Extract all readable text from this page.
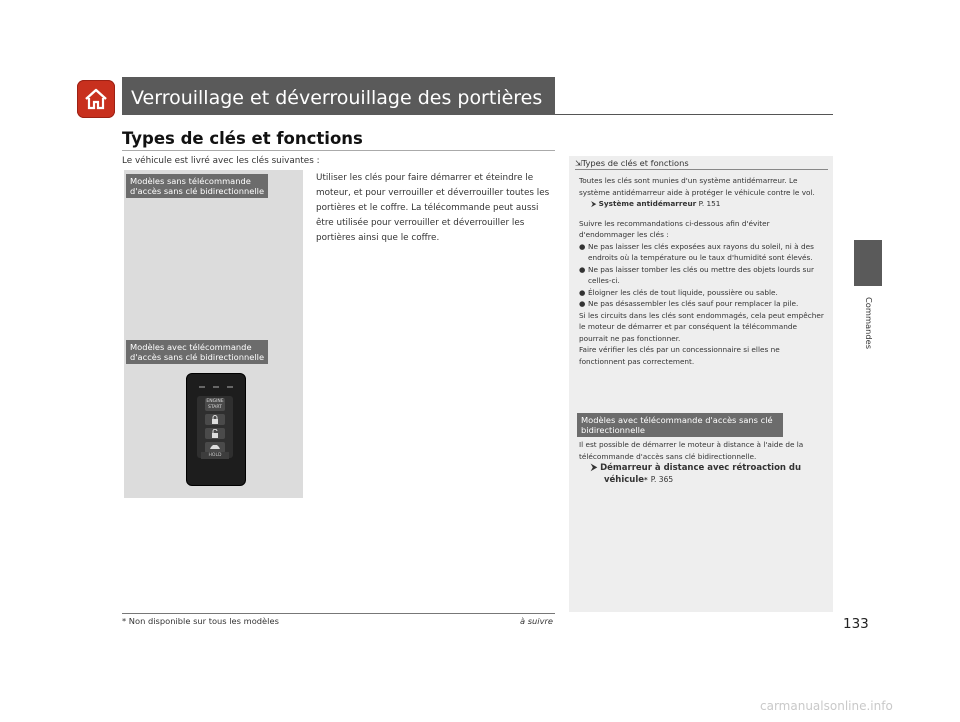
Verrouillage et déverrouillage des portières
Types de clés et fonctions
Le véhicule est livré avec les clés suivantes :
Modèles sans télécommande
d'accès sans clé bidirectionnelle
Modèles avec télécommande
d'accès sans clé bidirectionnelle
ENGINE
START
HOLD
Utiliser les clés pour faire démarrer et éteindre le moteur, et pour verrouiller et déverrouiller toutes les portières et le coffre. La télécommande peut aussi être utilisée pour verrouiller et déverrouiller les portières ainsi que le coffre.
⇲Types de clés et fonctions

Toutes les clés sont munies d'un système antidémarreur. Le système antidémarreur aide à protéger le véhicule contre le vol.

⮞ Système antidémarreur P. 151

Suivre les recommandations ci-dessous afin d'éviter d'endommager les clés :

● Ne pas laisser les clés exposées aux rayons du soleil, ni à des endroits où la température ou le taux d'humidité sont élevés.
● Ne pas laisser tomber les clés ou mettre des objets lourds sur celles-ci.
● Éloigner les clés de tout liquide, poussière ou sable.
● Ne pas désassembler les clés sauf pour remplacer la pile.

Si les circuits dans les clés sont endommagés, cela peut empêcher le moteur de démarrer et par conséquent la télécommande pourrait ne pas fonctionner.

Faire vérifier les clés par un concessionnaire si elles ne fonctionnent pas correctement.

Modèles avec télécommande d'accès sans clé
bidirectionnelle

Il est possible de démarrer le moteur à distance à l'aide de la télécommande d'accès sans clé bidirectionnelle.

⮞ Démarreur à distance avec rétroaction du
véhicule* P. 365
Commandes
* Non disponible sur tous les modèles	à suivre	133
carmanualsonline.info
